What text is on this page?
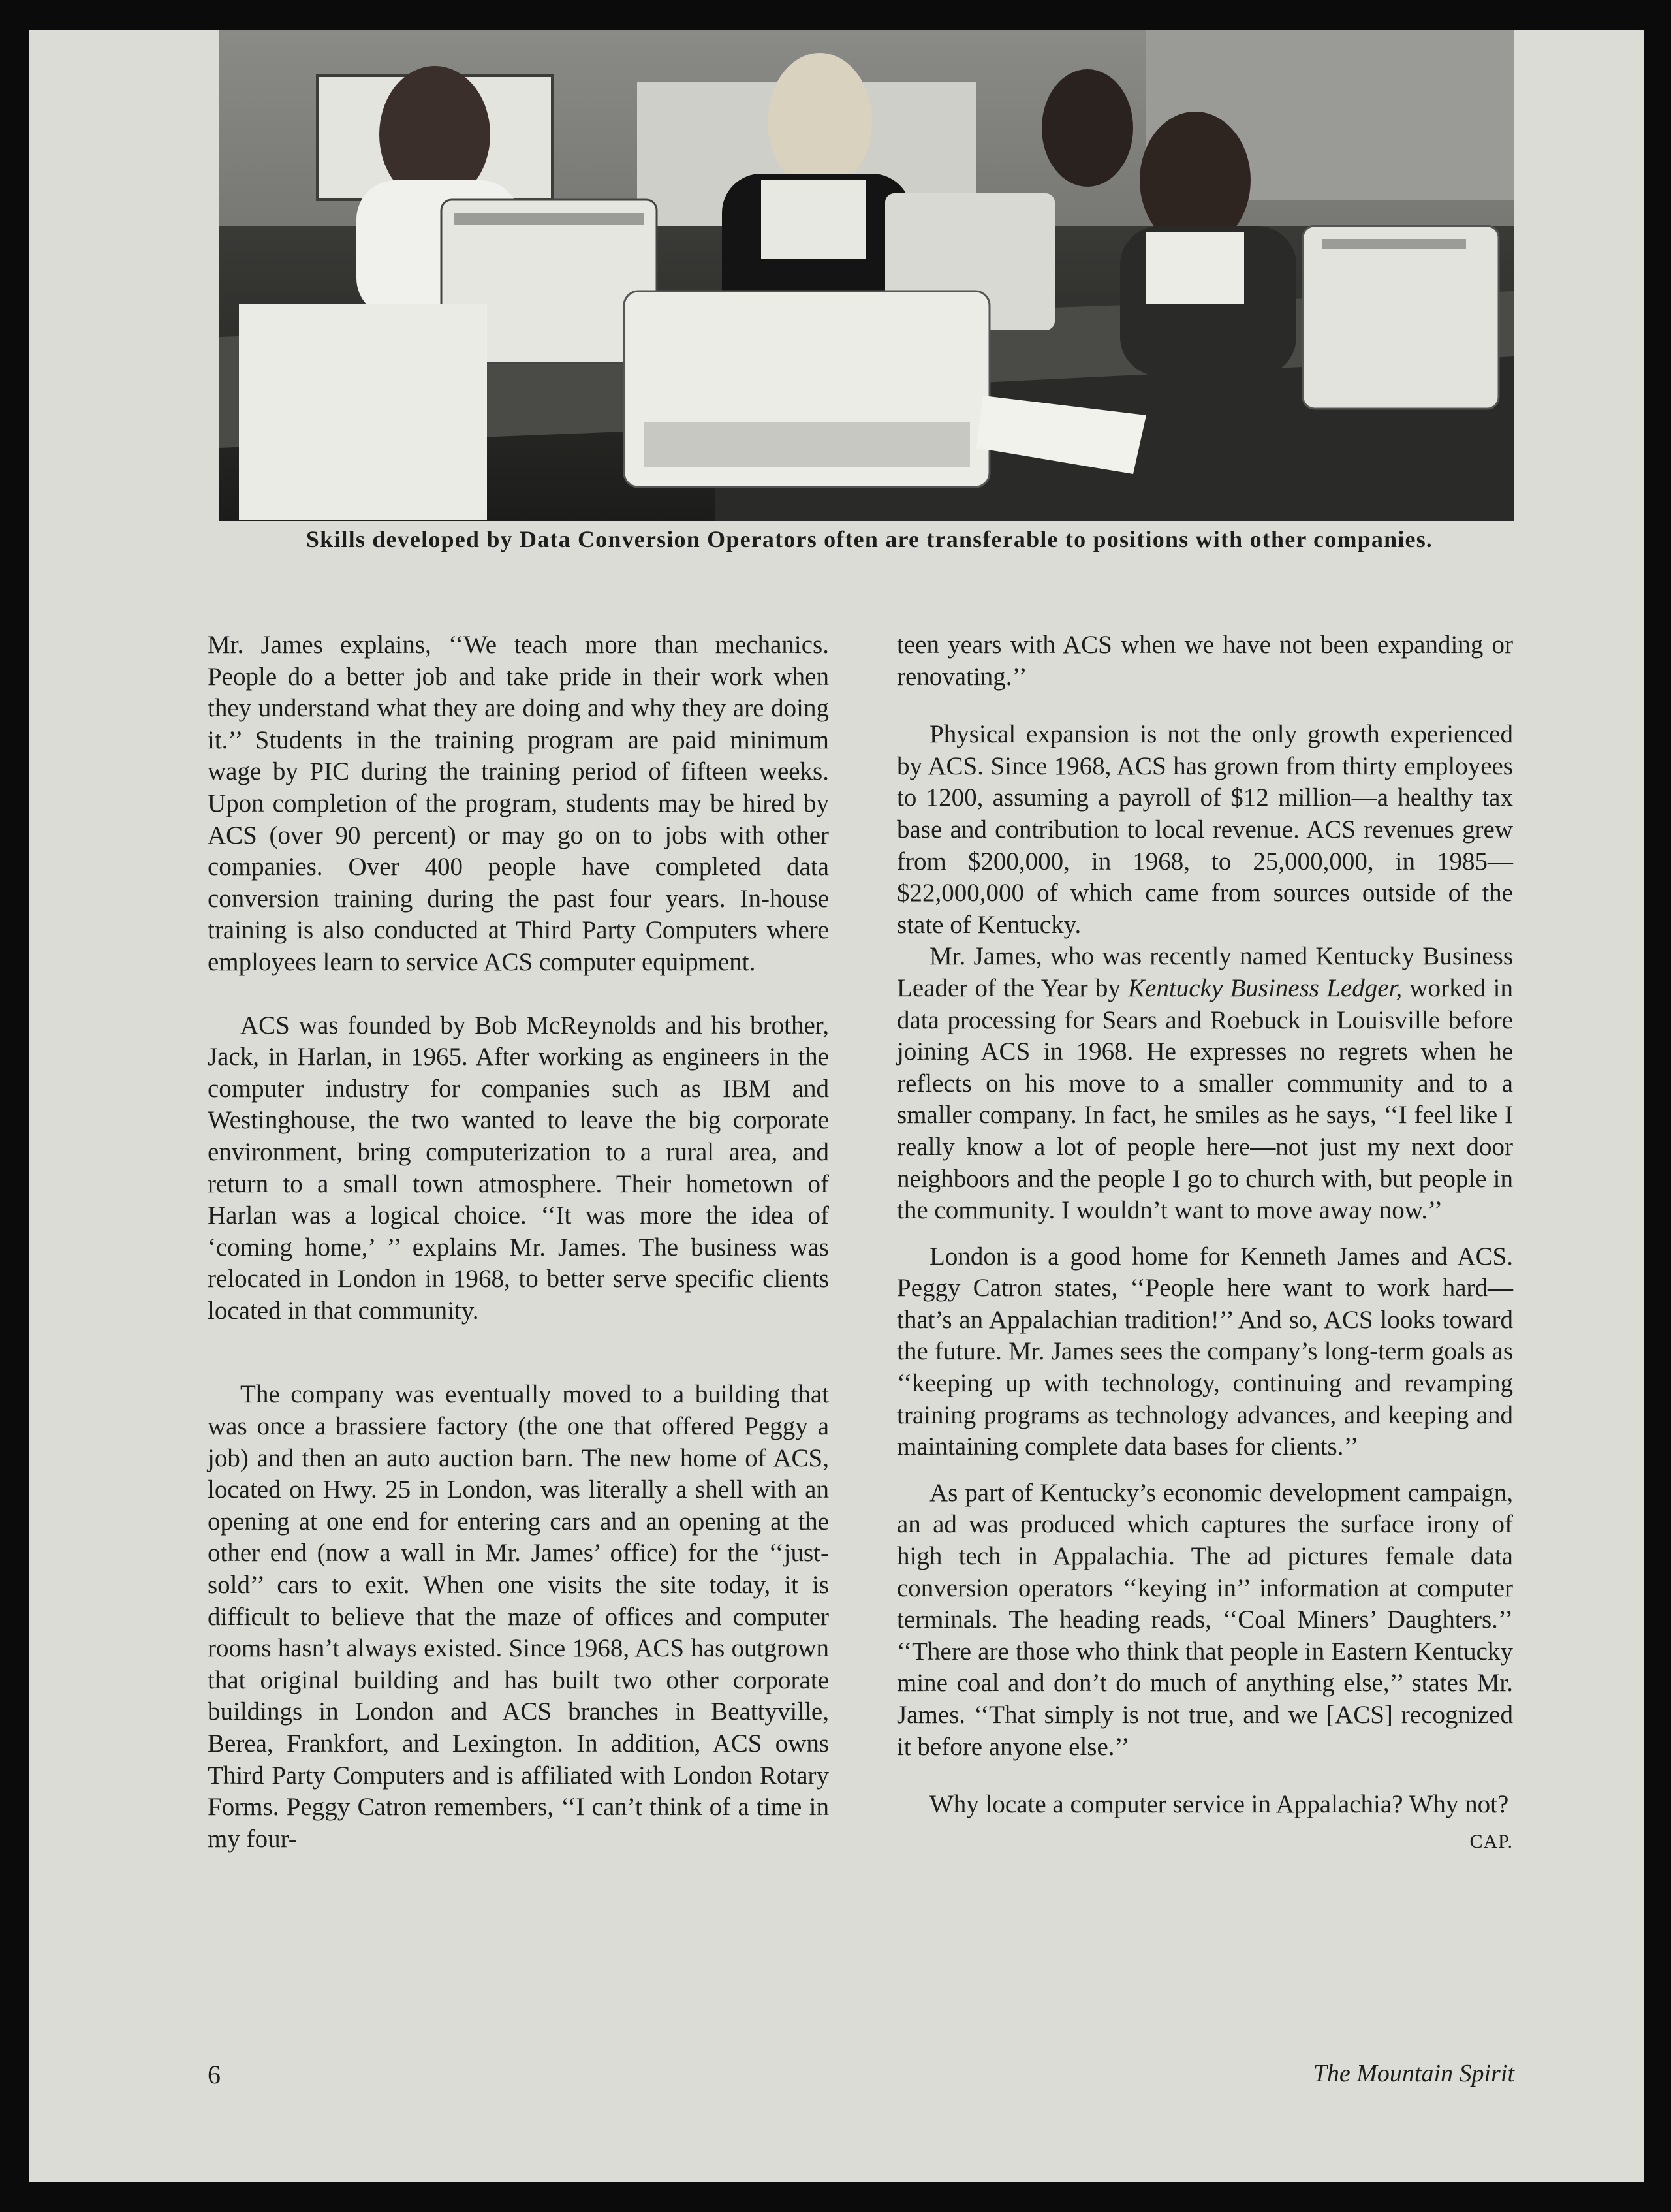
Skills developed by Data Conversion Operators often are transferable to positions with other companies.

Mr. James explains, ‘‘We teach more than mechanics. People do a better job and take pride in their work when they understand what they are doing and why they are doing it.’’ Students in the training program are paid minimum wage by PIC during the training period of fifteen weeks. Upon completion of the program, students may be hired by ACS (over 90 percent) or may go on to jobs with other companies. Over 400 people have completed data conversion training during the past four years. In-house training is also conducted at Third Party Computers where employees learn to service ACS computer equipment.

ACS was founded by Bob McReynolds and his brother, Jack, in Harlan, in 1965. After working as engineers in the computer industry for companies such as IBM and Westinghouse, the two wanted to leave the big corporate environment, bring computerization to a rural area, and return to a small town atmosphere. Their hometown of Harlan was a logical choice. ‘‘It was more the idea of ‘coming home,’ ’’ explains Mr. James. The business was relocated in London in 1968, to better serve specific clients located in that community.

The company was eventually moved to a building that was once a brassiere factory (the one that offered Peggy a job) and then an auto auction barn. The new home of ACS, located on Hwy. 25 in London, was literally a shell with an opening at one end for entering cars and an opening at the other end (now a wall in Mr. James’ office) for the ‘‘just-sold’’ cars to exit. When one visits the site today, it is difficult to believe that the maze of offices and computer rooms hasn’t always existed. Since 1968, ACS has outgrown that original building and has built two other corporate buildings in London and ACS branches in Beattyville, Berea, Frankfort, and Lexington. In addition, ACS owns Third Party Computers and is affiliated with London Rotary Forms. Peggy Catron remembers, ‘‘I can’t think of a time in my four-

teen years with ACS when we have not been expanding or renovating.’’

Physical expansion is not the only growth experienced by ACS. Since 1968, ACS has grown from thirty employees to 1200, assuming a payroll of $12 million—a healthy tax base and contribution to local revenue. ACS revenues grew from $200,000, in 1968, to 25,000,000, in 1985—$22,000,000 of which came from sources outside of the state of Kentucky.

Mr. James, who was recently named Kentucky Business Leader of the Year by Kentucky Business Ledger, worked in data processing for Sears and Roebuck in Louisville before joining ACS in 1968. He expresses no regrets when he reflects on his move to a smaller community and to a smaller company. In fact, he smiles as he says, ‘‘I feel like I really know a lot of people here—not just my next door neighboors and the people I go to church with, but people in the community. I wouldn’t want to move away now.’’

London is a good home for Kenneth James and ACS. Peggy Catron states, ‘‘People here want to work hard—that’s an Appalachian tradition!’’ And so, ACS looks toward the future. Mr. James sees the company’s long-term goals as ‘‘keeping up with technology, continuing and revamping training programs as technology advances, and keeping and maintaining complete data bases for clients.’’

As part of Kentucky’s economic development campaign, an ad was produced which captures the surface irony of high tech in Appalachia. The ad pictures female data conversion operators ‘‘keying in’’ information at computer terminals. The heading reads, ‘‘Coal Miners’ Daughters.’’ ‘‘There are those who think that people in Eastern Kentucky mine coal and don’t do much of anything else,’’ states Mr. James. ‘‘That simply is not true, and we [ACS] recognized it before anyone else.’’

Why locate a computer service in Appalachia? Why not?
CAP.

6	The Mountain Spirit
